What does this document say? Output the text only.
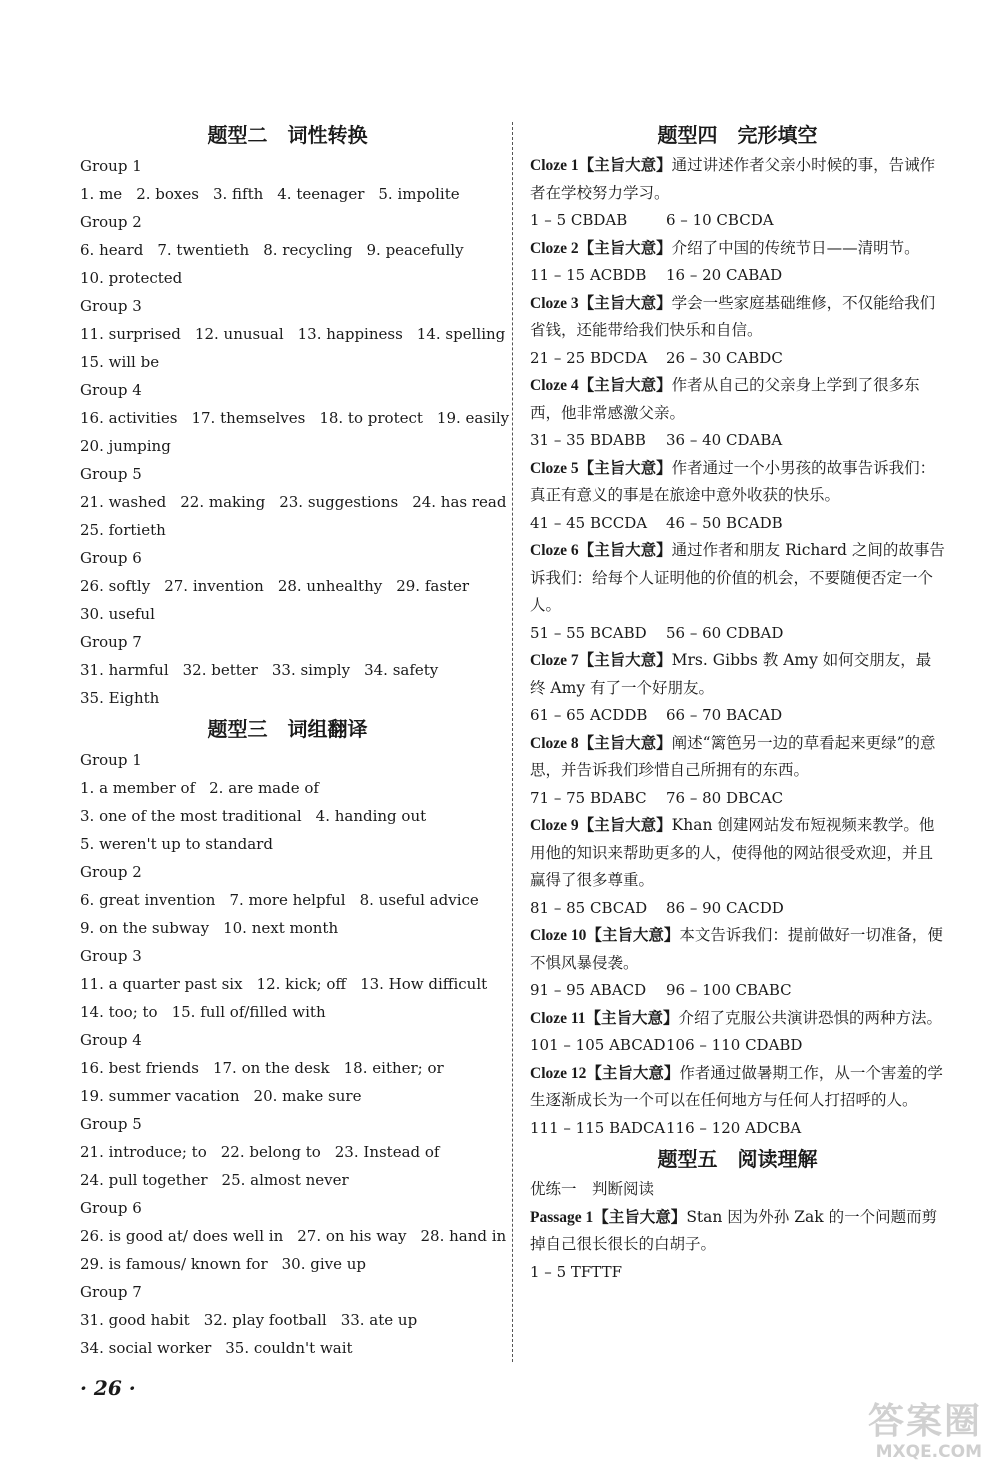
题型二　词性转换
Group 1
1. me 2. boxes 3. fifth 4. teenager 5. impolite
Group 2
6. heard 7. twentieth 8. recycling 9. peacefully
10. protected
Group 3
11. surprised 12. unusual 13. happiness 14. spelling
15. will be
Group 4
16. activities 17. themselves 18. to protect 19. easily
20. jumping
Group 5
21. washed 22. making 23. suggestions 24. has read
25. fortieth
Group 6
26. softly 27. invention 28. unhealthy 29. faster
30. useful
Group 7
31. harmful 32. better 33. simply 34. safety
35. Eighth
题型三　词组翻译
Group 1
1. a member of 2. are made of
3. one of the most traditional 4. handing out
5. weren't up to standard
Group 2
6. great invention 7. more helpful 8. useful advice
9. on the subway 10. next month
Group 3
11. a quarter past six 12. kick; off 13. How difficult
14. too; to 15. full of/filled with
Group 4
16. best friends 17. on the desk 18. either; or
19. summer vacation 20. make sure
Group 5
21. introduce; to 22. belong to 23. Instead of
24. pull together 25. almost never
Group 6
26. is good at/ does well in 27. on his way 28. hand in
29. is famous/ known for 30. give up
Group 7
31. good habit 32. play football 33. ate up
34. social worker 35. couldn't wait
题型四　完形填空
Cloze 1【主旨大意】通过讲述作者父亲小时候的事，告诫作者在学校努力学习。
1 – 5 CBDAB	6 – 10 CBCDA
Cloze 2【主旨大意】介绍了中国的传统节日——清明节。
11 – 15 ACBDB 16 – 20 CABAD
Cloze 3【主旨大意】学会一些家庭基础维修，不仅能给我们省钱，还能带给我们快乐和自信。
21 – 25 BDCDA 26 – 30 CABDC
Cloze 4【主旨大意】作者从自己的父亲身上学到了很多东西，他非常感激父亲。
31 – 35 BDABB 36 – 40 CDABA
Cloze 5【主旨大意】作者通过一个小男孩的故事告诉我们：真正有意义的事是在旅途中意外收获的快乐。
41 – 45 BCCDA 46 – 50 BCADB
Cloze 6【主旨大意】通过作者和朋友 Richard 之间的故事告诉我们：给每个人证明他的价值的机会，不要随便否定一个人。
51 – 55 BCABD 56 – 60 CDBAD
Cloze 7【主旨大意】Mrs. Gibbs 教 Amy 如何交朋友，最终 Amy 有了一个好朋友。
61 – 65 ACDDB 66 – 70 BACAD
Cloze 8【主旨大意】阐述“篱笆另一边的草看起来更绿”的意思，并告诉我们珍惜自己所拥有的东西。
71 – 75 BDABC 76 – 80 DBCAC
Cloze 9【主旨大意】Khan 创建网站发布短视频来教学。他用他的知识来帮助更多的人，使得他的网站很受欢迎，并且赢得了很多尊重。
81 – 85 CBCAD 86 – 90 CACDD
Cloze 10【主旨大意】本文告诉我们：提前做好一切准备，便不惧风暴侵袭。
91 – 95 ABACD 96 – 100 CBABC
Cloze 11【主旨大意】介绍了克服公共演讲恐惧的两种方法。
101 – 105 ABCAD106 – 110 CDABD
Cloze 12【主旨大意】作者通过做暑期工作，从一个害羞的学生逐渐成长为一个可以在任何地方与任何人打招呼的人。
111 – 115 BADCA116 – 120 ADCBA
题型五　阅读理解
优练一　判断阅读
Passage 1【主旨大意】Stan 因为外孙 Zak 的一个问题而剪掉自己很长很长的白胡子。
1 – 5 TFTTF
· 26 ·
答案圈
MXQE.COM
